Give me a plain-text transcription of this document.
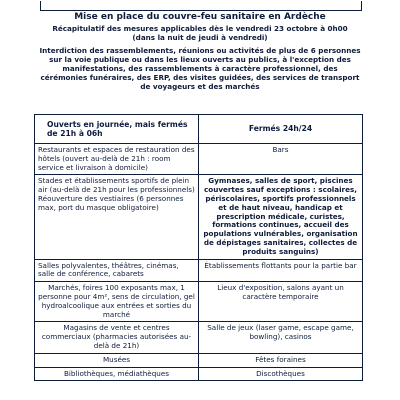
Mise en place du couvre-feu sanitaire en Ardèche
Récapitulatif des mesures applicables dès le vendredi 23 octobre à 0h00 (dans la nuit de jeudi à vendredi)
Interdiction des rassemblements, réunions ou activités de plus de 6 personnes sur la voie publique ou dans les lieux ouverts au publics, à l'exception des manifestations, des rassemblements à caractère professionnel, des cérémonies funéraires, des ERP, des visites guidées, des services de transport de voyageurs et des marchés
Ouverts en journée, mais fermés de 21h à 06h	Fermés 24h/24
Restaurants et espaces de restauration des hôtels (ouvert au-delà de 21h : room service et livraison à domicile)	Bars
Stades et établissements sportifs de plein air (au-delà de 21h pour les professionnels) Réouverture des vestiaires (6 personnes max, port du masque obligatoire)	Gymnases, salles de sport, piscines couvertes sauf exceptions : scolaires, périscolaires, sportifs professionnels et de haut niveau, handicap et prescription médicale, curistes, formations continues, accueil des populations vulnérables, organisation de dépistages sanitaires, collectes de produits sanguins)
Salles polyvalentes, théâtres, cinémas, salle de conférence, cabarets	Établissements flottants pour la partie bar
Marchés, foires 100 exposants max, 1 personne pour 4m², sens de circulation, gel hydroalcoolique aux entrées et sorties du marché	Lieux d'exposition, salons ayant un caractère temporaire
Magasins de vente et centres commerciaux (pharmacies autorisées au-delà de 21h)	Salle de jeux (laser game, escape game, bowling), casinos
Musées	Fêtes foraines
Bibliothèques, médiathèques	Discothèques
